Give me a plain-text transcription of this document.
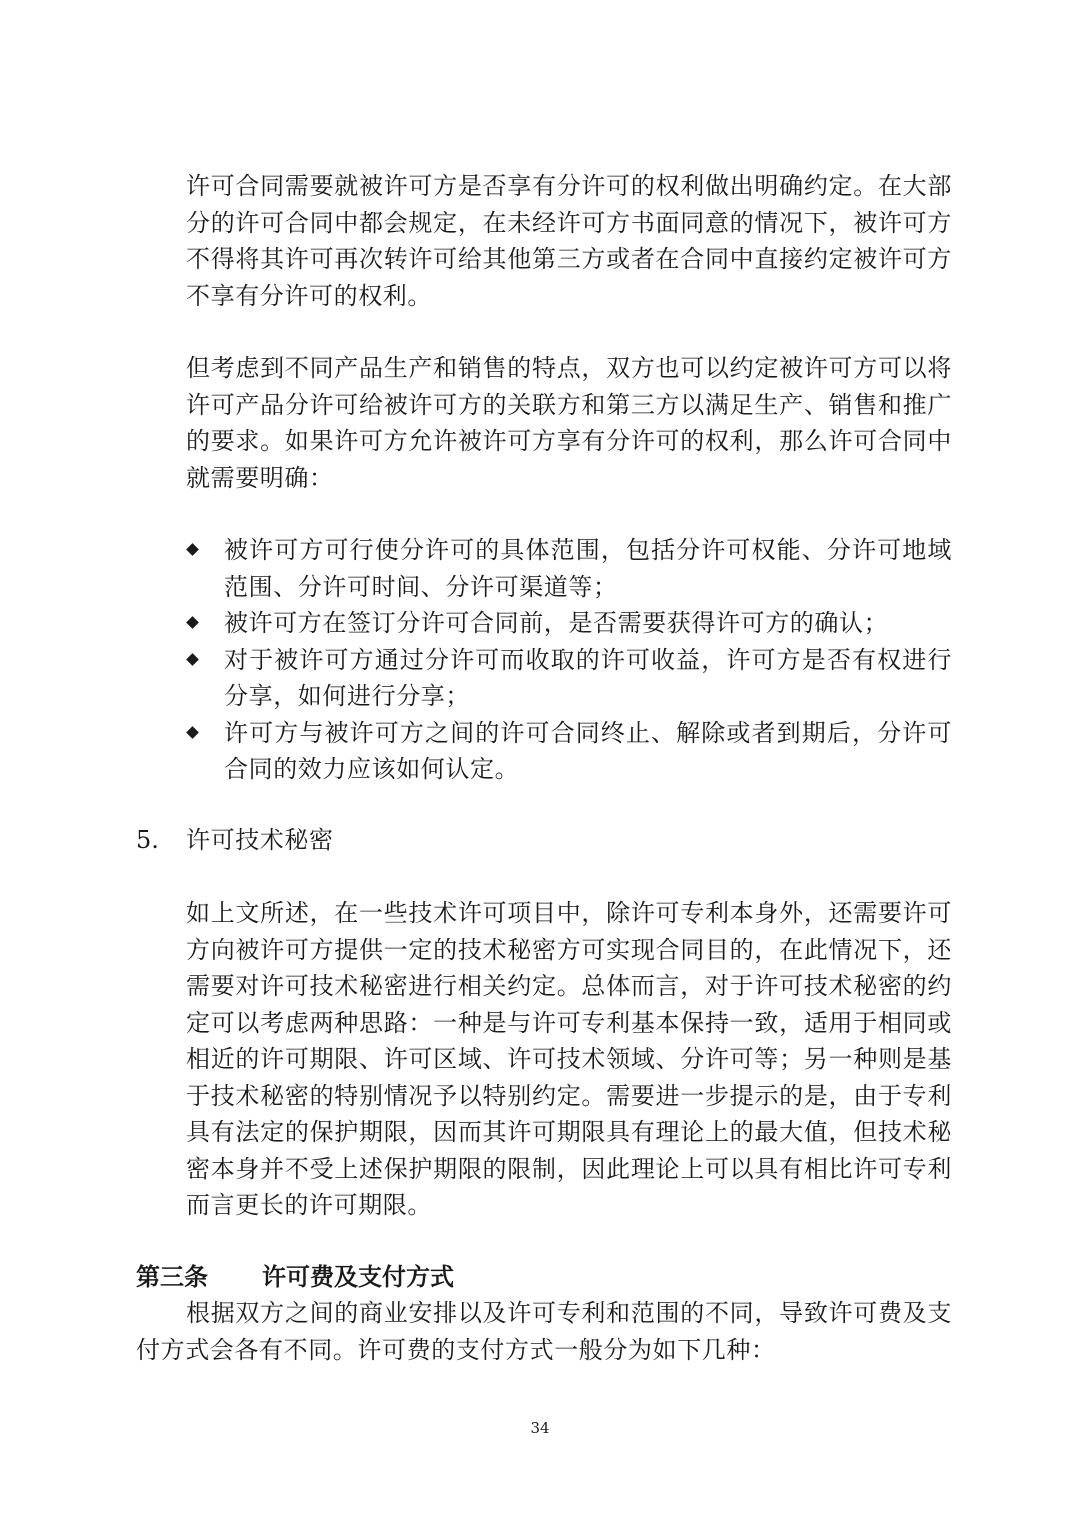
许可合同需要就被许可方是否享有分许可的权利做出明确约定。在大部分的许可合同中都会规定，在未经许可方书面同意的情况下，被许可方不得将其许可再次转许可给其他第三方或者在合同中直接约定被许可方不享有分许可的权利。

但考虑到不同产品生产和销售的特点，双方也可以约定被许可方可以将许可产品分许可给被许可方的关联方和第三方以满足生产、销售和推广的要求。如果许可方允许被许可方享有分许可的权利，那么许可合同中就需要明确：

被许可方可行使分许可的具体范围，包括分许可权能、分许可地域范围、分许可时间、分许可渠道等；
被许可方在签订分许可合同前，是否需要获得许可方的确认；
对于被许可方通过分许可而收取的许可收益，许可方是否有权进行分享，如何进行分享；
许可方与被许可方之间的许可合同终止、解除或者到期后，分许可合同的效力应该如何认定。
5. 许可技术秘密

如上文所述，在一些技术许可项目中，除许可专利本身外，还需要许可方向被许可方提供一定的技术秘密方可实现合同目的，在此情况下，还需要对许可技术秘密进行相关约定。总体而言，对于许可技术秘密的约定可以考虑两种思路：一种是与许可专利基本保持一致，适用于相同或相近的许可期限、许可区域、许可技术领域、分许可等；另一种则是基于技术秘密的特别情况予以特别约定。需要进一步提示的是，由于专利具有法定的保护期限，因而其许可期限具有理论上的最大值，但技术秘密本身并不受上述保护期限的限制，因此理论上可以具有相比许可专利而言更长的许可期限。

第三条 许可费及支付方式

根据双方之间的商业安排以及许可专利和范围的不同，导致许可费及支付方式会各有不同。许可费的支付方式一般分为如下几种：

34
